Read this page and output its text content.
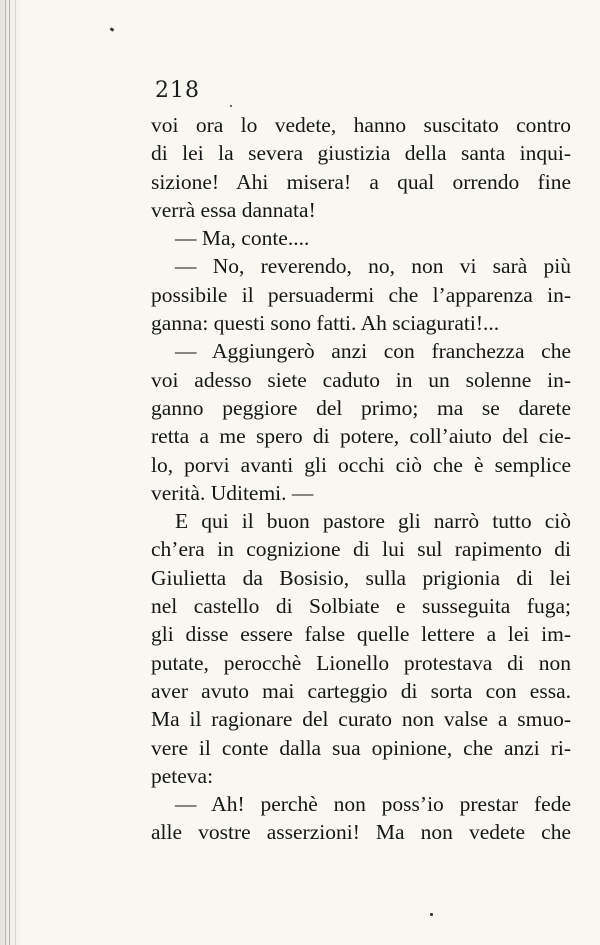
218
voi ora lo vedete, hanno suscitato contro
di lei la severa giustizia della santa inqui-
sizione! Ahi misera! a qual orrendo fine
verrà essa dannata!
— Ma, conte....
— No, reverendo, no, non vi sarà più
possibile il persuadermi che l’apparenza in-
ganna: questi sono fatti. Ah sciagurati!...
— Aggiungerò anzi con franchezza che
voi adesso siete caduto in un solenne in-
ganno peggiore del primo; ma se darete
retta a me spero di potere, coll’aiuto del cie-
lo, porvi avanti gli occhi ciò che è semplice
verità. Uditemi. —
E qui il buon pastore gli narrò tutto ciò
ch’era in cognizione di lui sul rapimento di
Giulietta da Bosisio, sulla prigionia di lei
nel castello di Solbiate e susseguita fuga;
gli disse essere false quelle lettere a lei im-
putate, perocchè Lionello protestava di non
aver avuto mai carteggio di sorta con essa.
Ma il ragionare del curato non valse a smuo-
vere il conte dalla sua opinione, che anzi ri-
peteva:
— Ah! perchè non poss’io prestar fede
alle vostre asserzioni! Ma non vedete che
